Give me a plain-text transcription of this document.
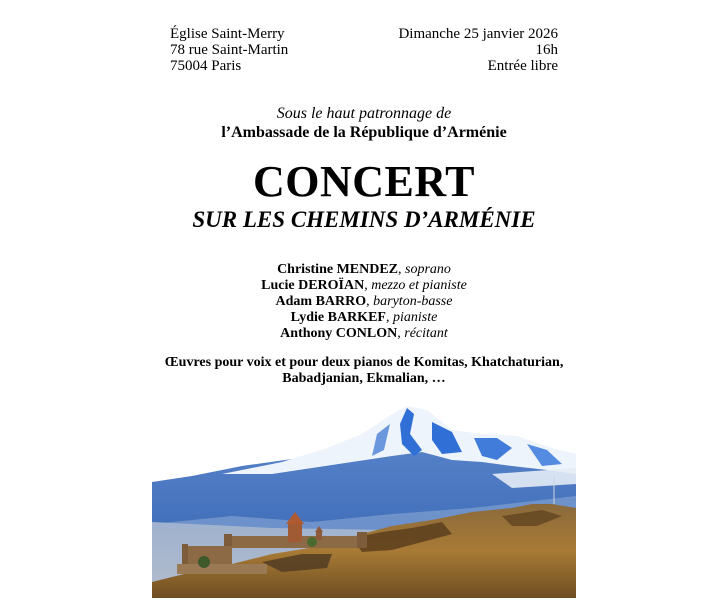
Église Saint-Merry
78 rue Saint-Martin
75004 Paris
Dimanche 25 janvier 2026
16h
Entrée libre
Sous le haut patronnage de
l’Ambassade de la République d’Arménie
CONCERT
SUR LES CHEMINS D’ARMÉNIE
Christine MENDEZ, soprano
Lucie DEROÏAN, mezzo et pianiste
Adam BARRO, baryton-basse
Lydie BARKEF, pianiste
Anthony CONLON, récitant
Œuvres pour voix et pour deux pianos de Komitas, Khatchaturian,
Babadjanian, Ekmalian, …
